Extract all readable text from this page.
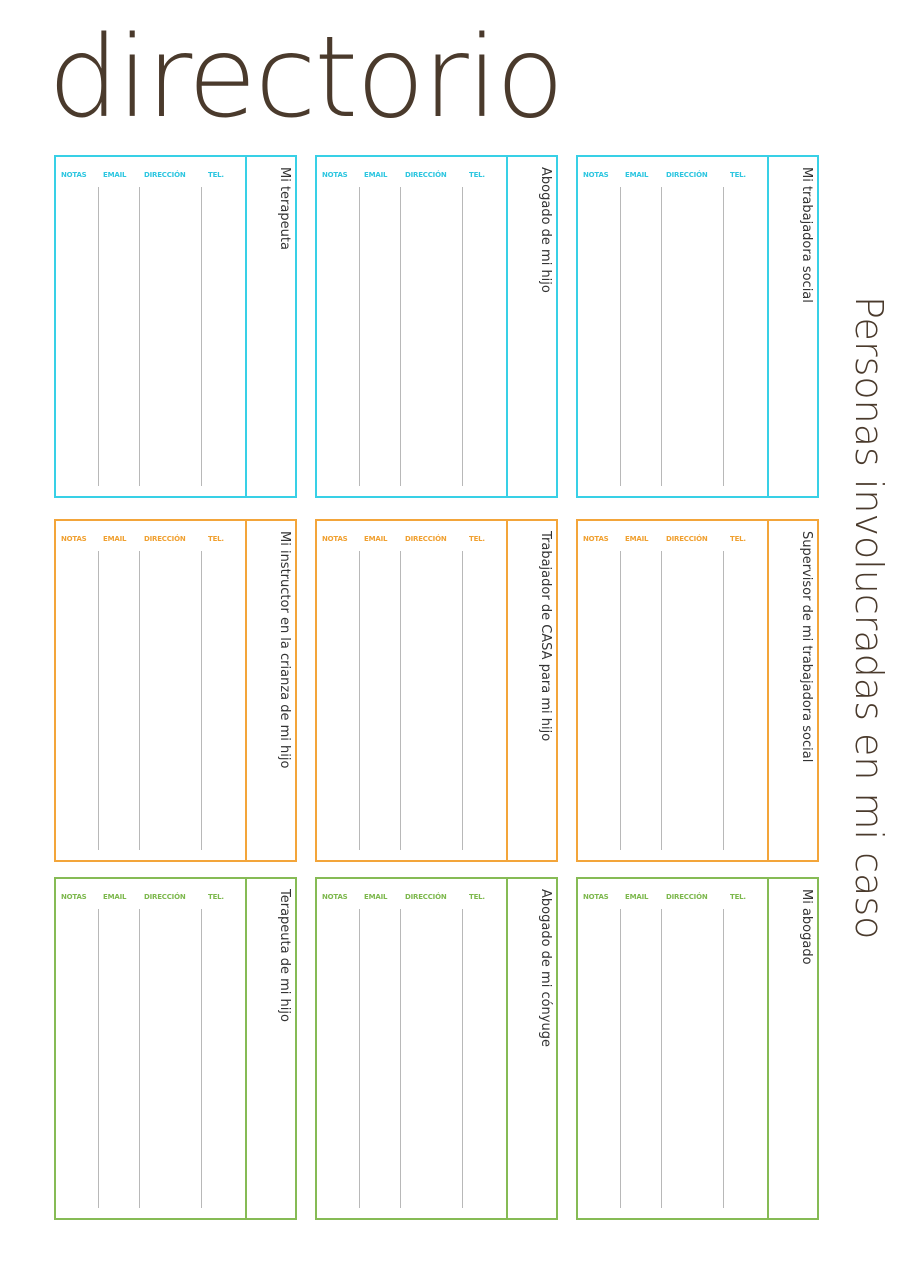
directorio
Personas involucradas en mi caso
NOTAS EMAIL	DIRECCIÓN	TEL.	Mi terapeuta	NOTAS EMAIL	DIRECCIÓN	TEL.	Abogado de mi hijo	NOTAS EMAIL	DIRECCIÓN	TEL.	Mi trabajadora social
NOTAS EMAIL	DIRECCIÓN	TEL.	Mi instructor en la crianza de mi hijo	NOTAS EMAIL	DIRECCIÓN	TEL.	Trabajador de CASA para mi hijo	NOTAS EMAIL	DIRECCIÓN	TEL.	Supervisor de mi trabajadora social
NOTAS EMAIL	DIRECCIÓN	TEL.	Terapeuta de mi hijo	NOTAS EMAIL	DIRECCIÓN	TEL.	Abogado de mi cónyuge	NOTAS EMAIL	DIRECCIÓN	TEL.	Mi abogado
